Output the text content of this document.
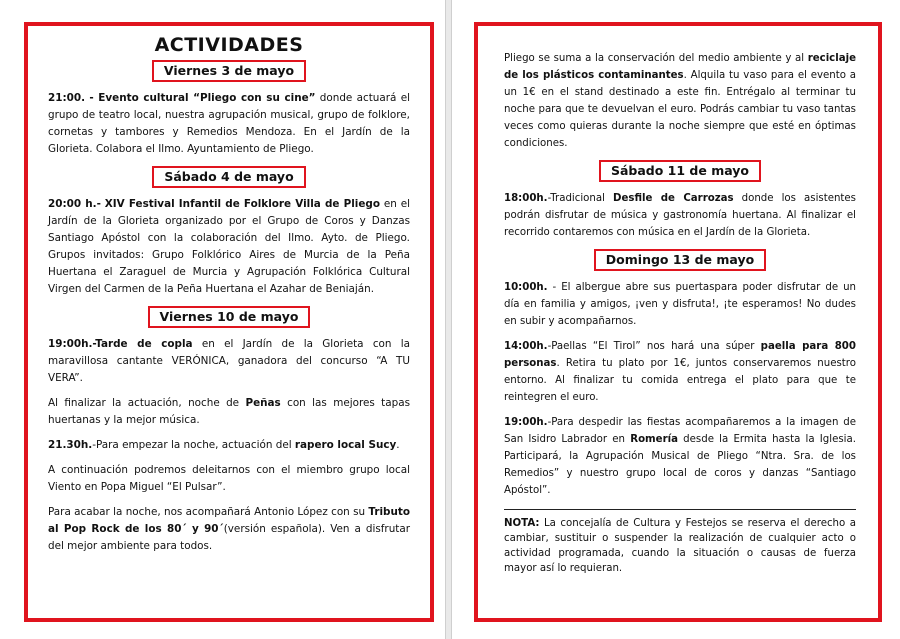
ACTIVIDADES
Viernes 3 de mayo

21:00. - Evento cultural “Pliego con su cine” donde actuará el grupo de teatro local, nuestra agrupación musical, grupo de folklore, cornetas y tambores y Remedios Mendoza. En el Jardín de la Glorieta. Colabora el Ilmo. Ayuntamiento de Pliego.

Sábado 4 de mayo

20:00 h.- XIV Festival Infantil de Folklore Villa de Pliego en el Jardín de la Glorieta organizado por el Grupo de Coros y Danzas Santiago Apóstol con la colaboración del Ilmo. Ayto. de Pliego. Grupos invitados: Grupo Folklórico Aires de Murcia de la Peña Huertana el Zaraguel de Murcia y Agrupación Folklórica Cultural Virgen del Carmen de la Peña Huertana el Azahar de Beniaján.

Viernes 10 de mayo

19:00h.-Tarde de copla en el Jardín de la Glorieta con la maravillosa cantante VERÓNICA, ganadora del concurso “A TU VERA”.

Al finalizar la actuación, noche de Peñas con las mejores tapas huertanas y la mejor música.

21.30h.-Para empezar la noche, actuación del rapero local Sucy.

A continuación podremos deleitarnos con el miembro grupo local Viento en Popa Miguel “El Pulsar”.

Para acabar la noche, nos acompañará Antonio López con su Tributo al Pop Rock de los 80´ y 90´(versión española). Ven a disfrutar del mejor ambiente para todos.

Pliego se suma a la conservación del medio ambiente y al reciclaje de los plásticos contaminantes. Alquila tu vaso para el evento a un 1€ en el stand destinado a este fin. Entrégalo al terminar tu noche para que te devuelvan el euro. Podrás cambiar tu vaso tantas veces como quieras durante la noche siempre que esté en óptimas condiciones.

Sábado 11 de mayo

18:00h.-Tradicional Desfile de Carrozas donde los asistentes podrán disfrutar de música y gastronomía huertana. Al finalizar el recorrido contaremos con música en el Jardín de la Glorieta.

Domingo 13 de mayo

10:00h. - El albergue abre sus puertaspara poder disfrutar de un día en familia y amigos, ¡ven y disfruta!, ¡te esperamos! No dudes en subir y acompañarnos.

14:00h.-Paellas “El Tirol” nos hará una súper paella para 800 personas. Retira tu plato por 1€, juntos conservaremos nuestro entorno. Al finalizar tu comida entrega el plato para que te reintegren el euro.

19:00h.-Para despedir las fiestas acompañaremos a la imagen de San Isidro Labrador en Romería desde la Ermita hasta la Iglesia. Participará, la Agrupación Musical de Pliego “Ntra. Sra. de los Remedios” y nuestro grupo local de coros y danzas “Santiago Apóstol”.

NOTA: La concejalía de Cultura y Festejos se reserva el derecho a cambiar, sustituir o suspender la realización de cualquier acto o actividad programada, cuando la situación o causas de fuerza mayor así lo requieran.
